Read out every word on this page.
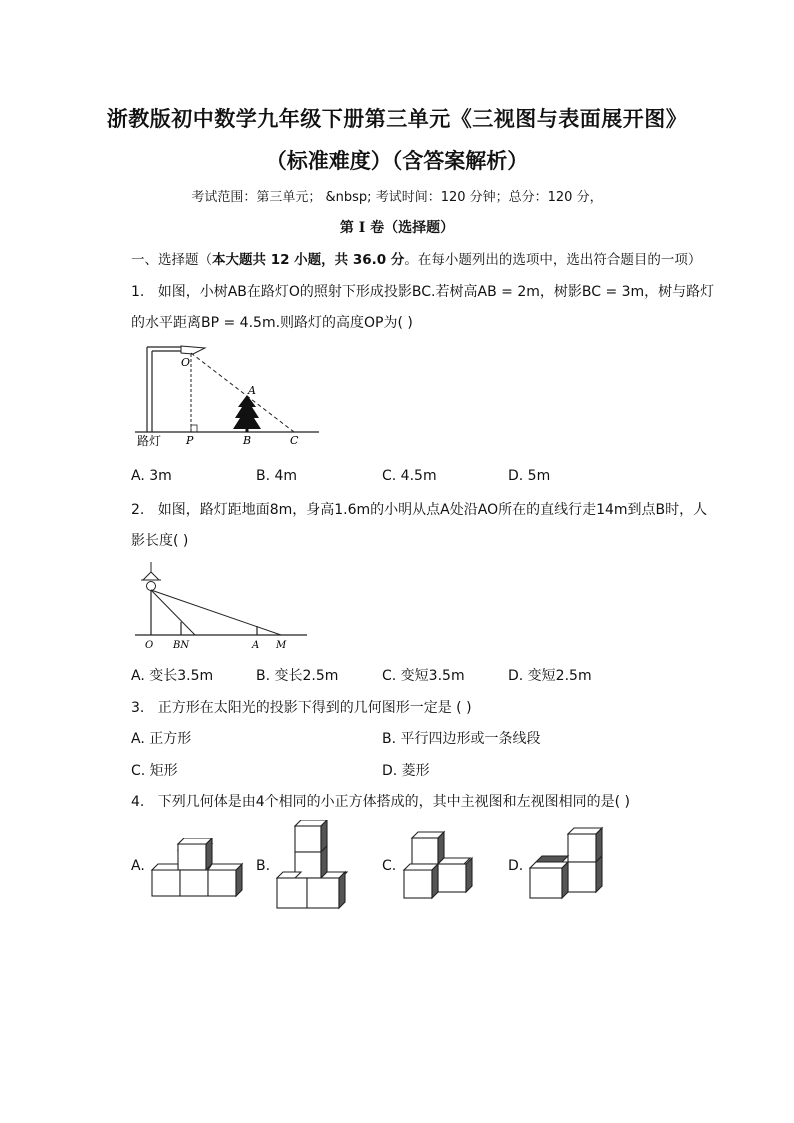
浙教版初中数学九年级下册第三单元《三视图与表面展开图》
（标准难度）（含答案解析）
考试范围：第三单元； &nbsp; 考试时间：120 分钟；总分：120 分，
第 I 卷（选择题）
一、选择题（本大题共 12 小题，共 36.0 分。在每小题列出的选项中，选出符合题目的一项）
1. 如图，小树AB在路灯O的照射下形成投影BC.若树高AB = 2m，树影BC = 3m，树与路灯
的水平距离BP = 4.5m.则路灯的高度OP为( )
O
A
P	B	C
路灯
A. 3m	B. 4m	C. 4.5m	D. 5m
2. 如图，路灯距地面8m，身高1.6m的小明从点A处沿AO所在的直线行走14m到点B时，人
影长度( )
O BN	A M
A. 变长3.5m	B. 变长2.5m	C. 变短3.5m	D. 变短2.5m
3. 正方形在太阳光的投影下得到的几何图形一定是 ( )
A. 正方形	B. 平行四边形或一条线段
C. 矩形	D. 菱形
4. 下列几何体是由4个相同的小正方体搭成的，其中主视图和左视图相同的是( )
A.	B.	C.	D.
